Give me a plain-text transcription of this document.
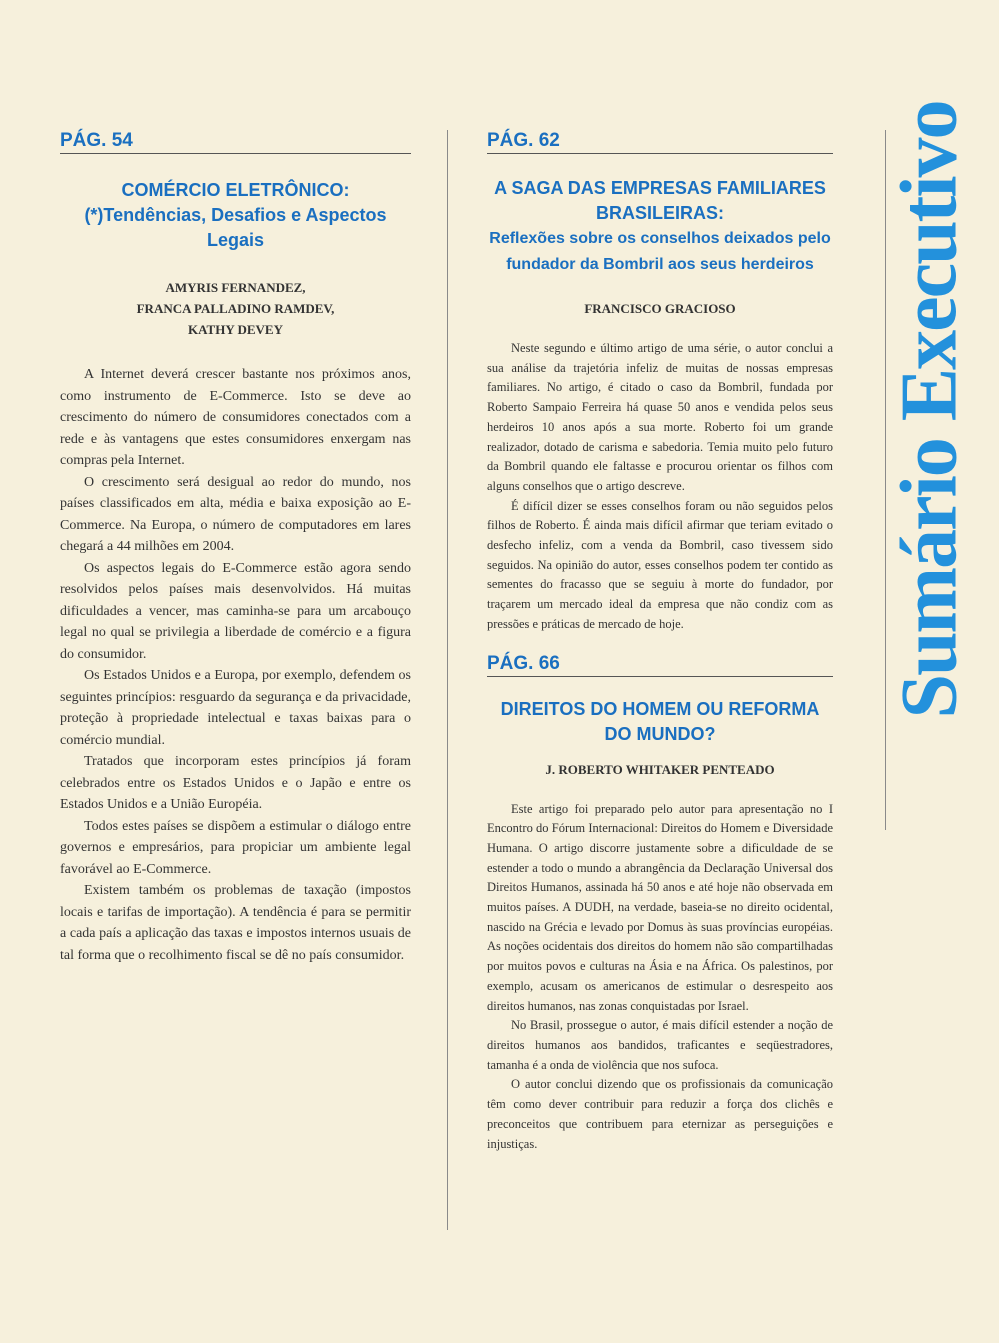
Sumário Executivo
PÁG. 54

COMÉRCIO ELETRÔNICO:

(*)Tendências, Desafios e Aspectos Legais

AMYRIS FERNANDEZ,

FRANCA PALLADINO RAMDEV,

KATHY DEVEY

A Internet deverá crescer bastante nos próximos anos, como instrumento de E-Commerce. Isto se deve ao crescimento do número de consumidores conectados com a rede e às vantagens que estes consumidores enxergam nas compras pela Internet.

O crescimento será desigual ao redor do mundo, nos países classificados em alta, média e baixa exposição ao E-Commerce. Na Europa, o número de computadores em lares chegará a 44 milhões em 2004.

Os aspectos legais do E-Commerce estão agora sendo resolvidos pelos países mais desenvolvidos. Há muitas dificuldades a vencer, mas caminha-se para um arcabouço legal no qual se privilegia a liberdade de comércio e a figura do consumidor.

Os Estados Unidos e a Europa, por exemplo, defendem os seguintes princípios: resguardo da segurança e da privacidade, proteção à propriedade intelectual e taxas baixas para o comércio mundial.

Tratados que incorporam estes princípios já foram celebrados entre os Estados Unidos e o Japão e entre os Estados Unidos e a União Européia.

Todos estes países se dispõem a estimular o diálogo entre governos e empresários, para propiciar um ambiente legal favorável ao E-Commerce.

Existem também os problemas de taxação (impostos locais e tarifas de importação). A tendência é para se permitir a cada país a aplicação das taxas e impostos internos usuais de tal forma que o recolhimento fiscal se dê no país consumidor.

PÁG. 62

A SAGA DAS EMPRESAS FAMILIARES

BRASILEIRAS:

Reflexões sobre os conselhos deixados pelo

fundador da Bombril aos seus herdeiros

FRANCISCO GRACIOSO

Neste segundo e último artigo de uma série, o autor conclui a sua análise da trajetória infeliz de muitas de nossas empresas familiares. No artigo, é citado o caso da Bombril, fundada por Roberto Sampaio Ferreira há quase 50 anos e vendida pelos seus herdeiros 10 anos após a sua morte. Roberto foi um grande realizador, dotado de carisma e sabedoria. Temia muito pelo futuro da Bombril quando ele faltasse e procurou orientar os filhos com alguns conselhos que o artigo descreve.

É difícil dizer se esses conselhos foram ou não seguidos pelos filhos de Roberto. É ainda mais difícil afirmar que teriam evitado o desfecho infeliz, com a venda da Bombril, caso tivessem sido seguidos. Na opinião do autor, esses conselhos podem ter contido as sementes do fracasso que se seguiu à morte do fundador, por traçarem um mercado ideal da empresa que não condiz com as pressões e práticas de mercado de hoje.

PÁG. 66

DIREITOS DO HOMEM OU REFORMA

DO MUNDO?

J. ROBERTO WHITAKER PENTEADO

Este artigo foi preparado pelo autor para apresentação no I Encontro do Fórum Internacional: Direitos do Homem e Diversidade Humana. O artigo discorre justamente sobre a dificuldade de se estender a todo o mundo a abrangência da Declaração Universal dos Direitos Humanos, assinada há 50 anos e até hoje não observada em muitos países. A DUDH, na verdade, baseia-se no direito ocidental, nascido na Grécia e levado por Domus às suas províncias européias. As noções ocidentais dos direitos do homem não são compartilhadas por muitos povos e culturas na Ásia e na África. Os palestinos, por exemplo, acusam os americanos de estimular o desrespeito aos direitos humanos, nas zonas conquistadas por Israel.

No Brasil, prossegue o autor, é mais difícil estender a noção de direitos humanos aos bandidos, traficantes e seqüestradores, tamanha é a onda de violência que nos sufoca.

O autor conclui dizendo que os profissionais da comunicação têm como dever contribuir para reduzir a força dos clichês e preconceitos que contribuem para eternizar as perseguições e injustiças.
